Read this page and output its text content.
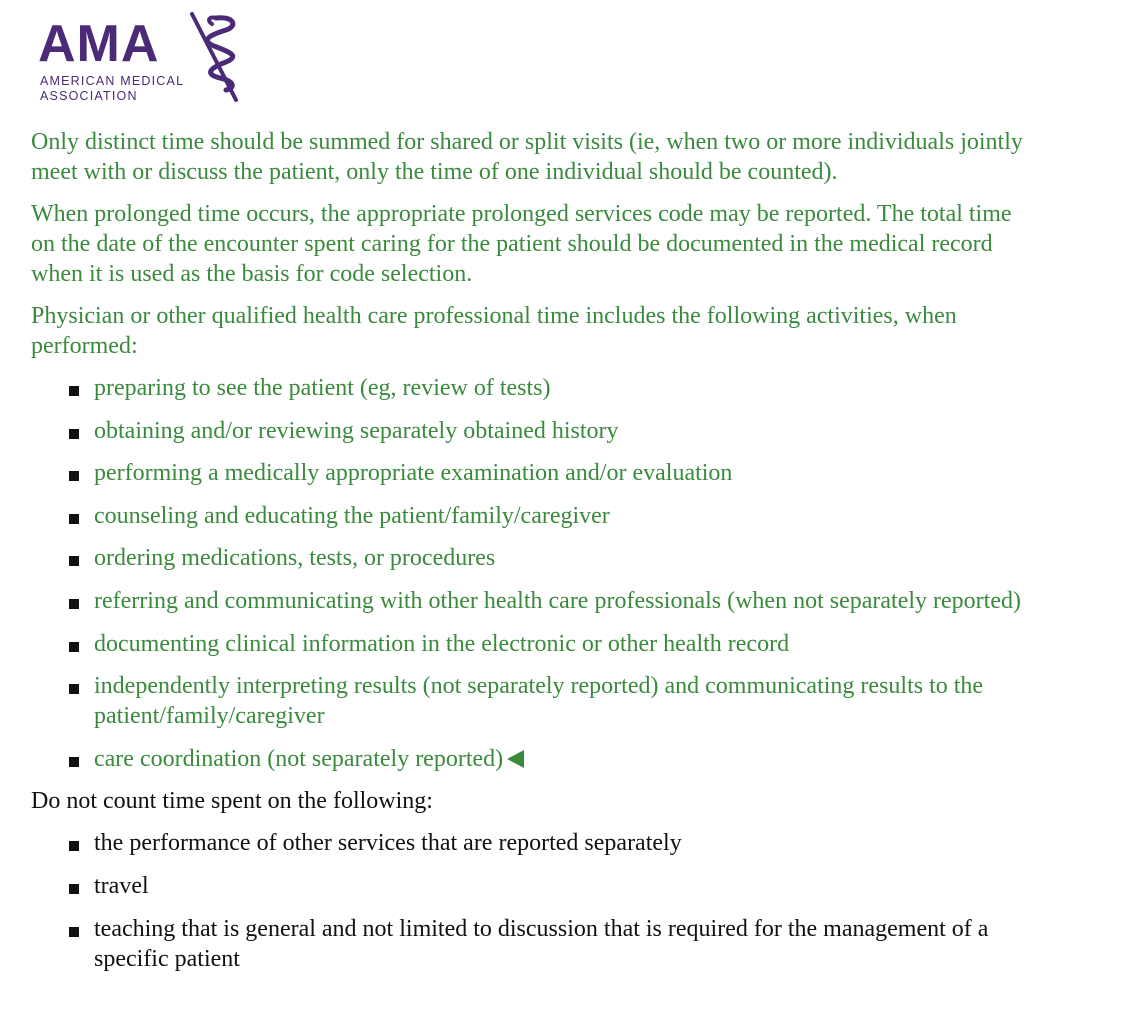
AMA
AMERICAN MEDICAL
ASSOCIATION

Only distinct time should be summed for shared or split visits (ie, when two or more individuals jointly meet with or discuss the patient, only the time of one individual should be counted).

When prolonged time occurs, the appropriate prolonged services code may be reported. The total time on the date of the encounter spent caring for the patient should be documented in the medical record when it is used as the basis for code selection.

Physician or other qualified health care professional time includes the following activities, when performed:

preparing to see the patient (eg, review of tests)
obtaining and/or reviewing separately obtained history
performing a medically appropriate examination and/or evaluation
counseling and educating the patient/family/caregiver
ordering medications, tests, or procedures
referring and communicating with other health care professionals (when not separately reported)
documenting clinical information in the electronic or other health record
independently interpreting results (not separately reported) and communicating results to the patient/family/caregiver
care coordination (not separately reported)

Do not count time spent on the following:

the performance of other services that are reported separately
travel
teaching that is general and not limited to discussion that is required for the management of a specific patient
